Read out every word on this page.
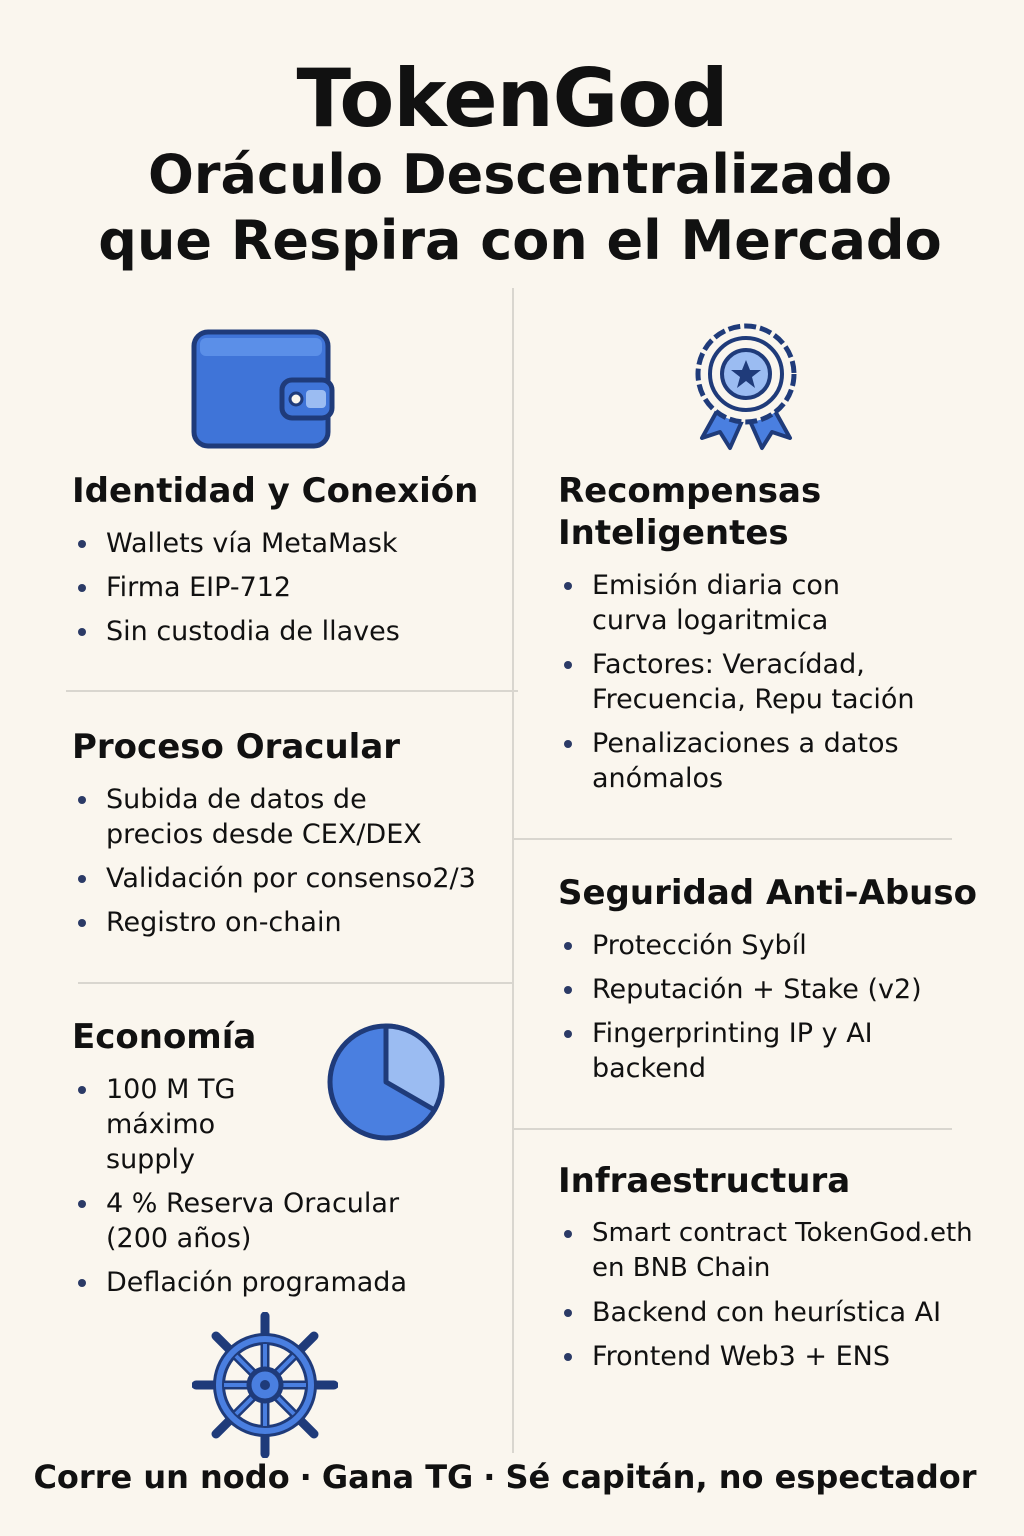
TokenGod
Oráculo Descentralizado
que Respira con el Mercado
Identidad y Conexión
Wallets vía MetaMask
Firma EIP-712
Sin custodia de llaves
Proceso Oracular
Subida de datos de precios desde CEX/DEX
Validación por consenso2/3
Registro on-chain
Economía
100 M TG máximo supply
4 % Reserva Oracular (200 años)
Deflación programada
Recompensas Inteligentes
Emisión diaria con curva logaritmica
Factores: Veracídad, Frecuencia, Repu tación
Penalizaciones a datos anómalos
Seguridad Anti-Abuso
Protección Sybíl
Reputación + Stake (v2)
Fingerprinting IP y AI backend
Infraestructura
Smart contract TokenGod.eth en BNB Chain
Backend con heurística AI
Frontend Web3 + ENS
Corre un nodo · Gana TG · Sé capitán, no espectador
